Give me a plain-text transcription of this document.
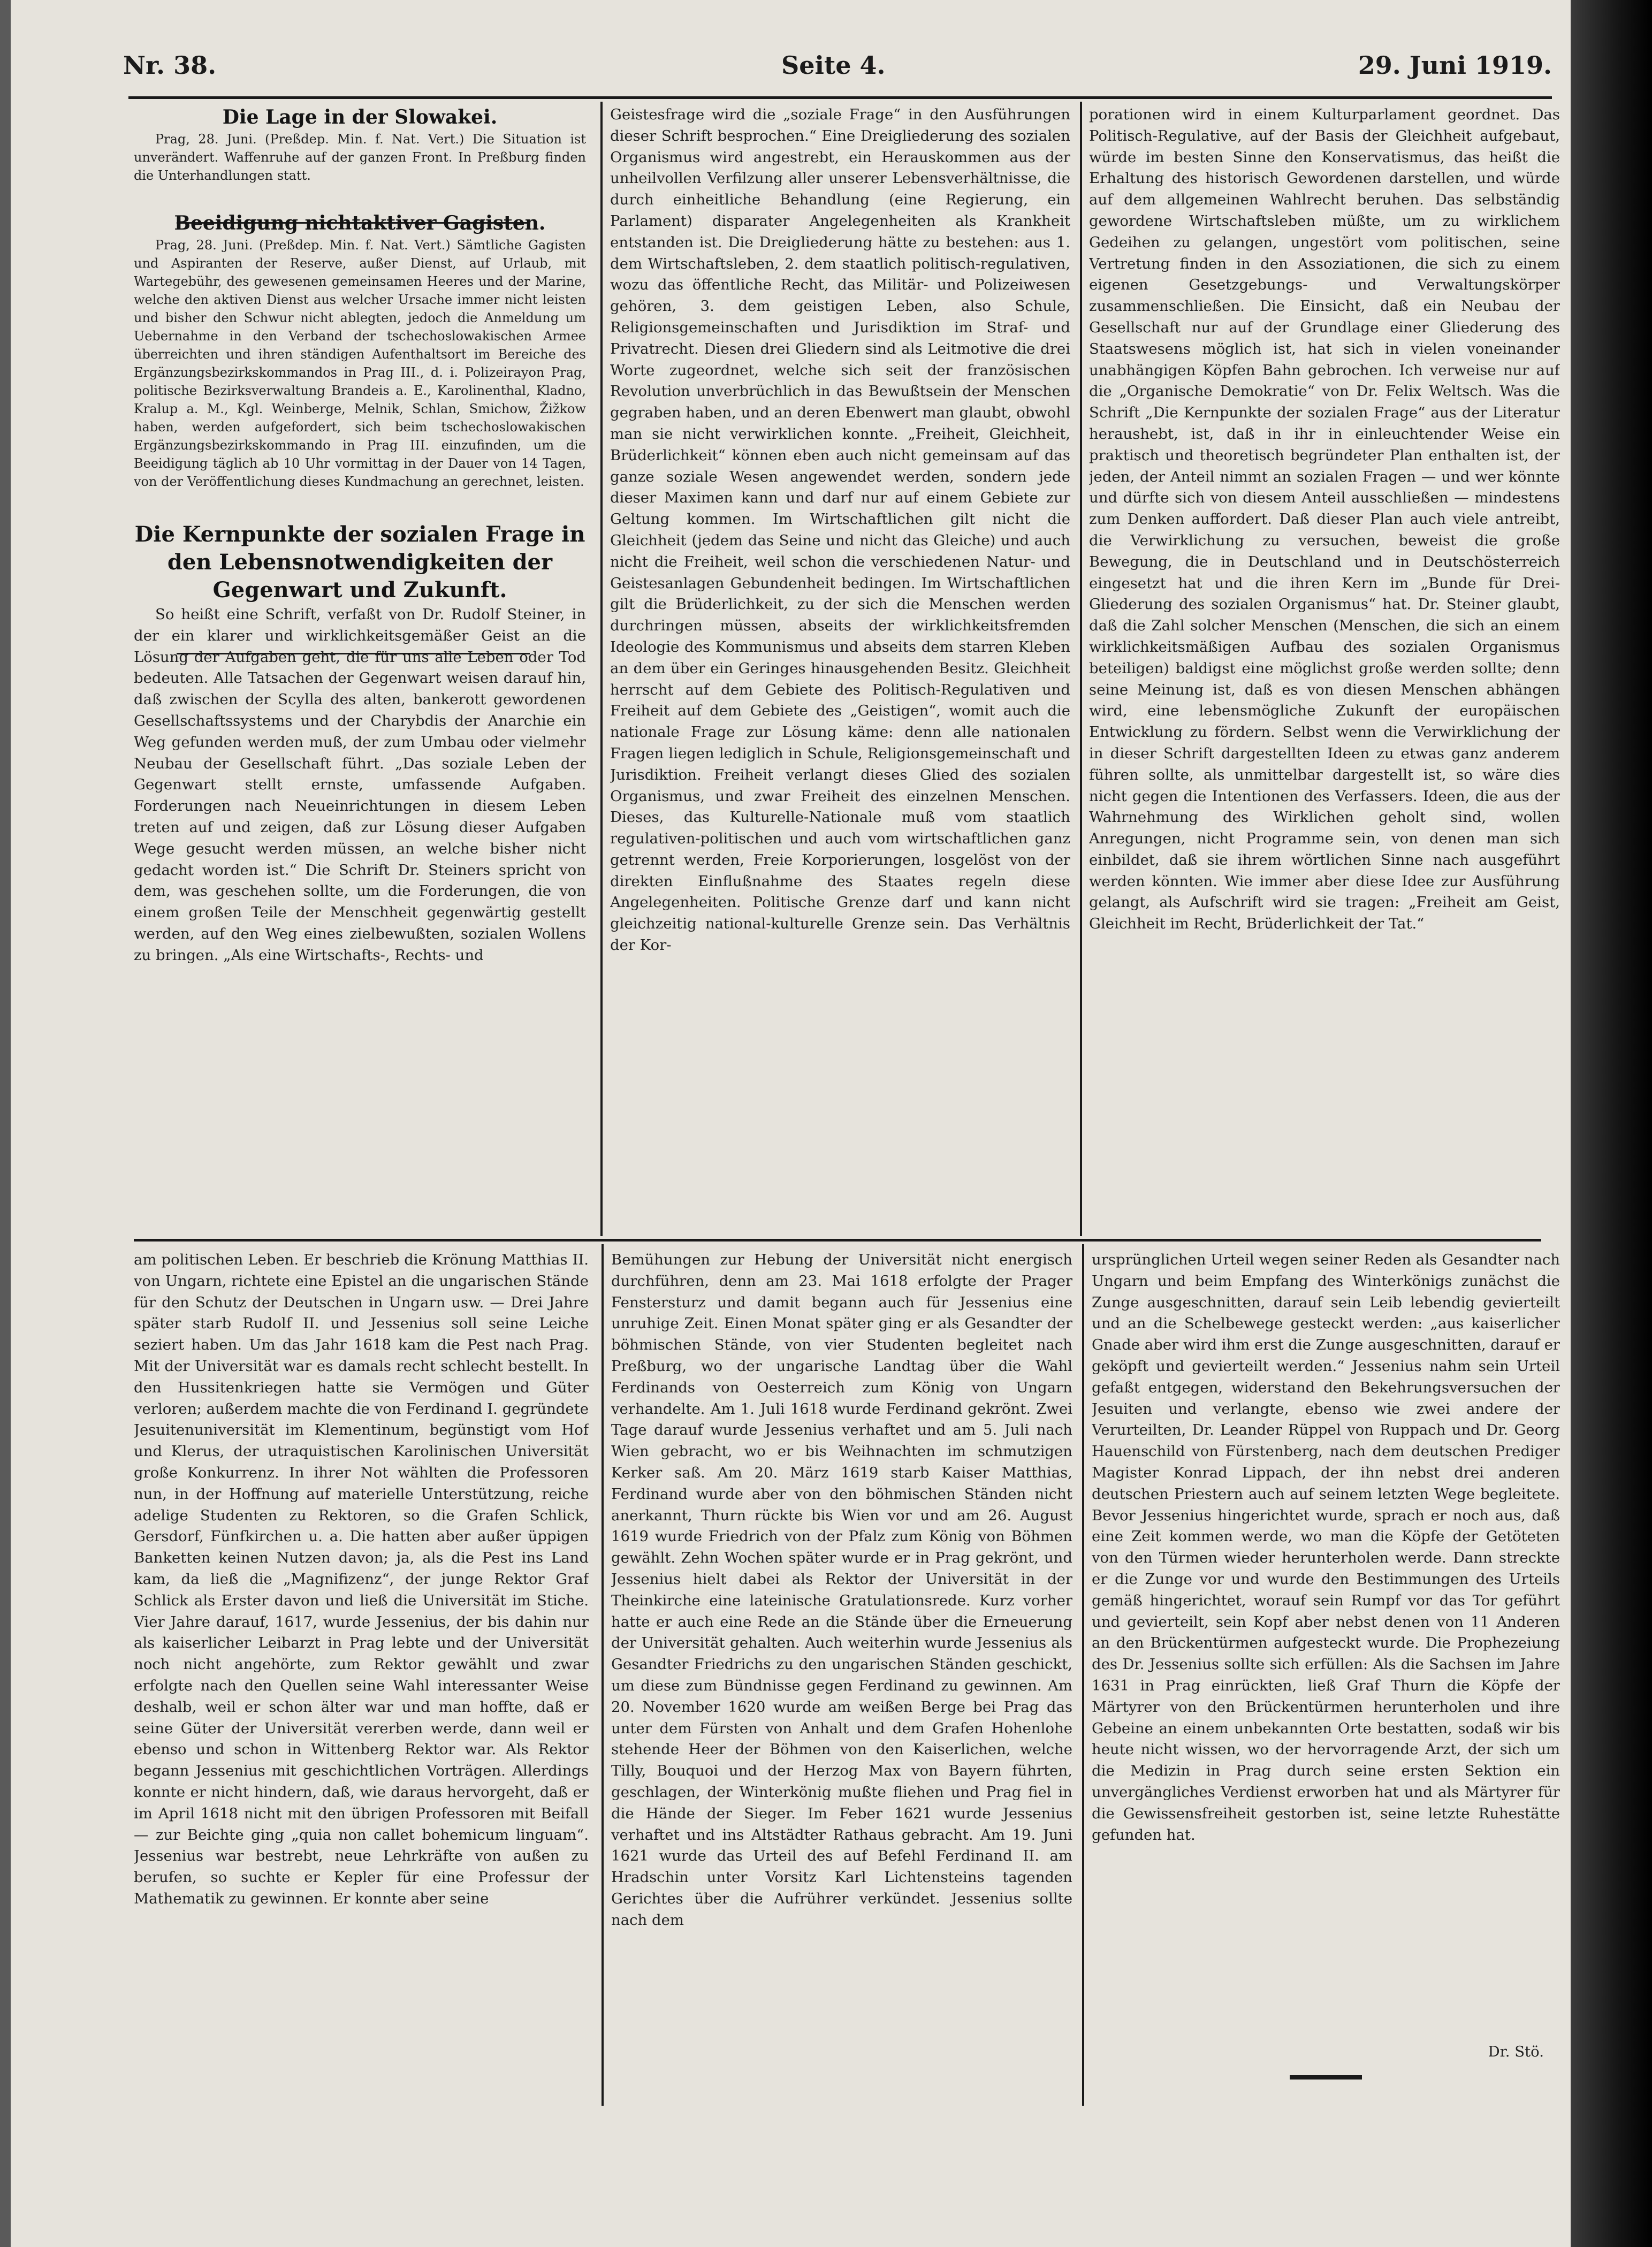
Nr. 38.	Seite 4.	29. Juni 1919.

Die Lage in der Slowakei.

Prag, 28. Juni. (Preßdep. Min. f. Nat. Vert.) Die Situation ist unverändert. Waffenruhe auf der ganzen Front. In Preßburg finden die Unterhandlungen statt.

Beeidigung nichtaktiver Gagisten.

Prag, 28. Juni. (Preßdep. Min. f. Nat. Vert.) Sämtliche Gagisten und Aspiranten der Reserve, außer Dienst, auf Urlaub, mit Wartegebühr, des gewesenen gemeinsamen Heeres und der Marine, welche den aktiven Dienst aus welcher Ursache immer nicht leisten und bisher den Schwur nicht ablegten, jedoch die Anmeldung um Uebernahme in den Verband der tschechoslowakischen Armee überreichten und ihren ständigen Aufenthaltsort im Bereiche des Ergänzungsbezirkskommandos in Prag III., d. i. Polizeirayon Prag, politische Bezirksverwaltung Brandeis a. E., Karolinenthal, Kladno, Kralup a. M., Kgl. Weinberge, Melnik, Schlan, Smichow, Žižkow haben, werden aufgefordert, sich beim tschechoslowakischen Ergänzungsbezirkskommando in Prag III. einzufinden, um die Beeidigung täglich ab 10 Uhr vormittag in der Dauer von 14 Tagen, von der Veröffentlichung dieses Kundmachung an gerechnet, leisten.

Die Kernpunkte der sozialen Frage in den Lebensnotwendigkeiten der Gegenwart und Zukunft.

So heißt eine Schrift, verfaßt von Dr. Rudolf Steiner, in der ein klarer und wirklichkeitsgemäßer Geist an die Lösung der Aufgaben geht, die für uns alle Leben oder Tod bedeuten. Alle Tatsachen der Gegenwart weisen darauf hin, daß zwischen der Scylla des alten, bankerott gewordenen Gesellschaftssystems und der Charybdis der Anarchie ein Weg gefunden werden muß, der zum Umbau oder vielmehr Neubau der Gesellschaft führt. „Das soziale Leben der Gegenwart stellt ernste, umfassende Aufgaben. Forderungen nach Neueinrichtungen in diesem Leben treten auf und zeigen, daß zur Lösung dieser Aufgaben Wege gesucht werden müssen, an welche bisher nicht gedacht worden ist.“ Die Schrift Dr. Steiners spricht von dem, was geschehen sollte, um die Forderungen, die von einem großen Teile der Menschheit gegenwärtig gestellt werden, auf den Weg eines zielbewußten, sozialen Wollens zu bringen. „Als eine Wirtschafts-, Rechts- und

Geistesfrage wird die „soziale Frage“ in den Ausführungen dieser Schrift besprochen.“ Eine Dreigliederung des sozialen Organismus wird angestrebt, ein Herauskommen aus der unheilvollen Verfilzung aller unserer Lebensverhältnisse, die durch einheitliche Behandlung (eine Regierung, ein Parlament) disparater Angelegenheiten als Krankheit entstanden ist. Die Dreigliederung hätte zu bestehen: aus 1. dem Wirtschaftsleben, 2. dem staatlich politisch-regulativen, wozu das öffentliche Recht, das Militär- und Polizeiwesen gehören, 3. dem geistigen Leben, also Schule, Religionsgemeinschaften und Jurisdiktion im Straf- und Privatrecht. Diesen drei Gliedern sind als Leitmotive die drei Worte zugeordnet, welche sich seit der französischen Revolution unverbrüchlich in das Bewußtsein der Menschen gegraben haben, und an deren Ebenwert man glaubt, obwohl man sie nicht verwirklichen konnte. „Freiheit, Gleichheit, Brüderlichkeit“ können eben auch nicht gemeinsam auf das ganze soziale Wesen angewendet werden, sondern jede dieser Maximen kann und darf nur auf einem Gebiete zur Geltung kommen. Im Wirtschaftlichen gilt nicht die Gleichheit (jedem das Seine und nicht das Gleiche) und auch nicht die Freiheit, weil schon die verschiedenen Natur- und Geistesanlagen Gebundenheit bedingen. Im Wirtschaftlichen gilt die Brüderlichkeit, zu der sich die Menschen werden durchringen müssen, abseits der wirklichkeitsfremden Ideologie des Kommunismus und abseits dem starren Kleben an dem über ein Geringes hinausgehenden Besitz. Gleichheit herrscht auf dem Gebiete des Politisch-Regulativen und Freiheit auf dem Gebiete des „Geistigen“, womit auch die nationale Frage zur Lösung käme: denn alle nationalen Fragen liegen lediglich in Schule, Religionsgemeinschaft und Jurisdiktion. Freiheit verlangt dieses Glied des sozialen Organismus, und zwar Freiheit des einzelnen Menschen. Dieses, das Kulturelle-Nationale muß vom staatlich regulativen-politischen und auch vom wirtschaftlichen ganz getrennt werden, Freie Korporierungen, losgelöst von der direkten Einflußnahme des Staates regeln diese Angelegenheiten. Politische Grenze darf und kann nicht gleichzeitig national-kulturelle Grenze sein. Das Verhältnis der Kor-

porationen wird in einem Kulturparlament geordnet. Das Politisch-Regulative, auf der Basis der Gleichheit aufgebaut, würde im besten Sinne den Konservatismus, das heißt die Erhaltung des historisch Gewordenen darstellen, und würde auf dem allgemeinen Wahlrecht beruhen. Das selbständig gewordene Wirtschaftsleben müßte, um zu wirklichem Gedeihen zu gelangen, ungestört vom politischen, seine Vertretung finden in den Assoziationen, die sich zu einem eigenen Gesetzgebungs- und Verwaltungskörper zusammenschließen. Die Einsicht, daß ein Neubau der Gesellschaft nur auf der Grundlage einer Gliederung des Staatswesens möglich ist, hat sich in vielen voneinander unabhängigen Köpfen Bahn gebrochen. Ich verweise nur auf die „Organische Demokratie“ von Dr. Felix Weltsch. Was die Schrift „Die Kernpunkte der sozialen Frage“ aus der Literatur heraushebt, ist, daß in ihr in einleuchtender Weise ein praktisch und theoretisch begründeter Plan enthalten ist, der jeden, der Anteil nimmt an sozialen Fragen — und wer könnte und dürfte sich von diesem Anteil ausschließen — mindestens zum Denken auffordert. Daß dieser Plan auch viele antreibt, die Verwirklichung zu versuchen, beweist die große Bewegung, die in Deutschland und in Deutschösterreich eingesetzt hat und die ihren Kern im „Bunde für Drei-Gliederung des sozialen Organismus“ hat. Dr. Steiner glaubt, daß die Zahl solcher Menschen (Menschen, die sich an einem wirklichkeitsmäßigen Aufbau des sozialen Organismus beteiligen) baldigst eine möglichst große werden sollte; denn seine Meinung ist, daß es von diesen Menschen abhängen wird, eine lebensmögliche Zukunft der europäischen Entwicklung zu fördern. Selbst wenn die Verwirklichung der in dieser Schrift dargestellten Ideen zu etwas ganz anderem führen sollte, als unmittelbar dargestellt ist, so wäre dies nicht gegen die Intentionen des Verfassers. Ideen, die aus der Wahrnehmung des Wirklichen geholt sind, wollen Anregungen, nicht Programme sein, von denen man sich einbildet, daß sie ihrem wörtlichen Sinne nach ausgeführt werden könnten. Wie immer aber diese Idee zur Ausführung gelangt, als Aufschrift wird sie tragen: „Freiheit am Geist, Gleichheit im Recht, Brüderlichkeit der Tat.“

am politischen Leben. Er beschrieb die Krönung Matthias II. von Ungarn, richtete eine Epistel an die ungarischen Stände für den Schutz der Deutschen in Ungarn usw. — Drei Jahre später starb Rudolf II. und Jessenius soll seine Leiche seziert haben. Um das Jahr 1618 kam die Pest nach Prag. Mit der Universität war es damals recht schlecht bestellt. In den Hussitenkriegen hatte sie Vermögen und Güter verloren; außerdem machte die von Ferdinand I. gegründete Jesuitenuniversität im Klementinum, begünstigt vom Hof und Klerus, der utraquistischen Karolinischen Universität große Konkurrenz. In ihrer Not wählten die Professoren nun, in der Hoffnung auf materielle Unterstützung, reiche adelige Studenten zu Rektoren, so die Grafen Schlick, Gersdorf, Fünfkirchen u. a. Die hatten aber außer üppigen Banketten keinen Nutzen davon; ja, als die Pest ins Land kam, da ließ die „Magnifizenz“, der junge Rektor Graf Schlick als Erster davon und ließ die Universität im Stiche. Vier Jahre darauf, 1617, wurde Jessenius, der bis dahin nur als kaiserlicher Leibarzt in Prag lebte und der Universität noch nicht angehörte, zum Rektor gewählt und zwar erfolgte nach den Quellen seine Wahl interessanter Weise deshalb, weil er schon älter war und man hoffte, daß er seine Güter der Universität vererben werde, dann weil er ebenso und schon in Wittenberg Rektor war. Als Rektor begann Jessenius mit geschichtlichen Vorträgen. Allerdings konnte er nicht hindern, daß, wie daraus hervorgeht, daß er im April 1618 nicht mit den übrigen Professoren mit Beifall — zur Beichte ging „quia non callet bohemicum linguam“. Jessenius war bestrebt, neue Lehrkräfte von außen zu berufen, so suchte er Kepler für eine Professur der Mathematik zu gewinnen. Er konnte aber seine

Bemühungen zur Hebung der Universität nicht energisch durchführen, denn am 23. Mai 1618 erfolgte der Prager Fenstersturz und damit begann auch für Jessenius eine unruhige Zeit. Einen Monat später ging er als Gesandter der böhmischen Stände, von vier Studenten begleitet nach Preßburg, wo der ungarische Landtag über die Wahl Ferdinands von Oesterreich zum König von Ungarn verhandelte. Am 1. Juli 1618 wurde Ferdinand gekrönt. Zwei Tage darauf wurde Jessenius verhaftet und am 5. Juli nach Wien gebracht, wo er bis Weihnachten im schmutzigen Kerker saß. Am 20. März 1619 starb Kaiser Matthias, Ferdinand wurde aber von den böhmischen Ständen nicht anerkannt, Thurn rückte bis Wien vor und am 26. August 1619 wurde Friedrich von der Pfalz zum König von Böhmen gewählt. Zehn Wochen später wurde er in Prag gekrönt, und Jessenius hielt dabei als Rektor der Universität in der Theinkirche eine lateinische Gratulationsrede. Kurz vorher hatte er auch eine Rede an die Stände über die Erneuerung der Universität gehalten. Auch weiterhin wurde Jessenius als Gesandter Friedrichs zu den ungarischen Ständen geschickt, um diese zum Bündnisse gegen Ferdinand zu gewinnen. Am 20. November 1620 wurde am weißen Berge bei Prag das unter dem Fürsten von Anhalt und dem Grafen Hohenlohe stehende Heer der Böhmen von den Kaiserlichen, welche Tilly, Bouquoi und der Herzog Max von Bayern führten, geschlagen, der Winterkönig mußte fliehen und Prag fiel in die Hände der Sieger. Im Feber 1621 wurde Jessenius verhaftet und ins Altstädter Rathaus gebracht. Am 19. Juni 1621 wurde das Urteil des auf Befehl Ferdinand II. am Hradschin unter Vorsitz Karl Lichtensteins tagenden Gerichtes über die Aufrührer verkündet. Jessenius sollte nach dem

ursprünglichen Urteil wegen seiner Reden als Gesandter nach Ungarn und beim Empfang des Winterkönigs zunächst die Zunge ausgeschnitten, darauf sein Leib lebendig gevierteilt und an die Schelbewege gesteckt werden: „aus kaiserlicher Gnade aber wird ihm erst die Zunge ausgeschnitten, darauf er geköpft und gevierteilt werden.“ Jessenius nahm sein Urteil gefaßt entgegen, widerstand den Bekehrungsversuchen der Jesuiten und verlangte, ebenso wie zwei andere der Verurteilten, Dr. Leander Rüppel von Ruppach und Dr. Georg Hauenschild von Fürstenberg, nach dem deutschen Prediger Magister Konrad Lippach, der ihn nebst drei anderen deutschen Priestern auch auf seinem letzten Wege begleitete. Bevor Jessenius hingerichtet wurde, sprach er noch aus, daß eine Zeit kommen werde, wo man die Köpfe der Getöteten von den Türmen wieder herunterholen werde. Dann streckte er die Zunge vor und wurde den Bestimmungen des Urteils gemäß hingerichtet, worauf sein Rumpf vor das Tor geführt und gevierteilt, sein Kopf aber nebst denen von 11 Anderen an den Brückentürmen aufgesteckt wurde. Die Prophezeiung des Dr. Jessenius sollte sich erfüllen: Als die Sachsen im Jahre 1631 in Prag einrückten, ließ Graf Thurn die Köpfe der Märtyrer von den Brückentürmen herunterholen und ihre Gebeine an einem unbekannten Orte bestatten, sodaß wir bis heute nicht wissen, wo der hervorragende Arzt, der sich um die Medizin in Prag durch seine ersten Sektion ein unvergängliches Verdienst erworben hat und als Märtyrer für die Gewissensfreiheit gestorben ist, seine letzte Ruhestätte gefunden hat.

Dr. Stö.
